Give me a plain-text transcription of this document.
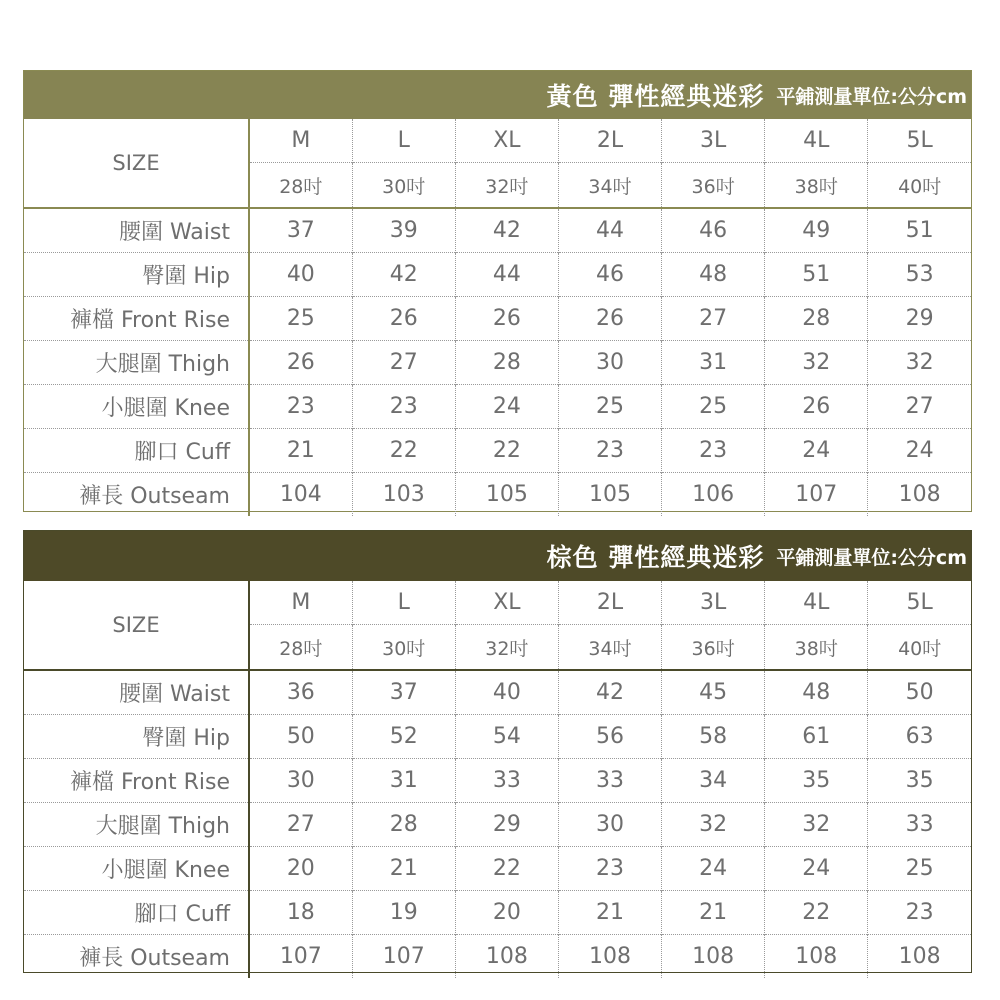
黃色 彈性經典迷彩 平鋪測量單位:公分cm
SIZE	M	L	XL	2L	3L	4L	5L
	28吋	30吋	32吋	34吋	36吋	38吋	40吋
腰圍 Waist	37	39	42	44	46	49	51
臀圍 Hip	40	42	44	46	48	51	53
褲檔 Front Rise	25	26	26	26	27	28	29
大腿圍 Thigh	26	27	28	30	31	32	32
小腿圍 Knee	23	23	24	25	25	26	27
腳口 Cuff	21	22	22	23	23	24	24
褲長 Outseam	104	103	105	105	106	107	108
棕色 彈性經典迷彩 平鋪測量單位:公分cm
SIZE	M	L	XL	2L	3L	4L	5L
	28吋	30吋	32吋	34吋	36吋	38吋	40吋
腰圍 Waist	36	37	40	42	45	48	50
臀圍 Hip	50	52	54	56	58	61	63
褲檔 Front Rise	30	31	33	33	34	35	35
大腿圍 Thigh	27	28	29	30	32	32	33
小腿圍 Knee	20	21	22	23	24	24	25
腳口 Cuff	18	19	20	21	21	22	23
褲長 Outseam	107	107	108	108	108	108	108
